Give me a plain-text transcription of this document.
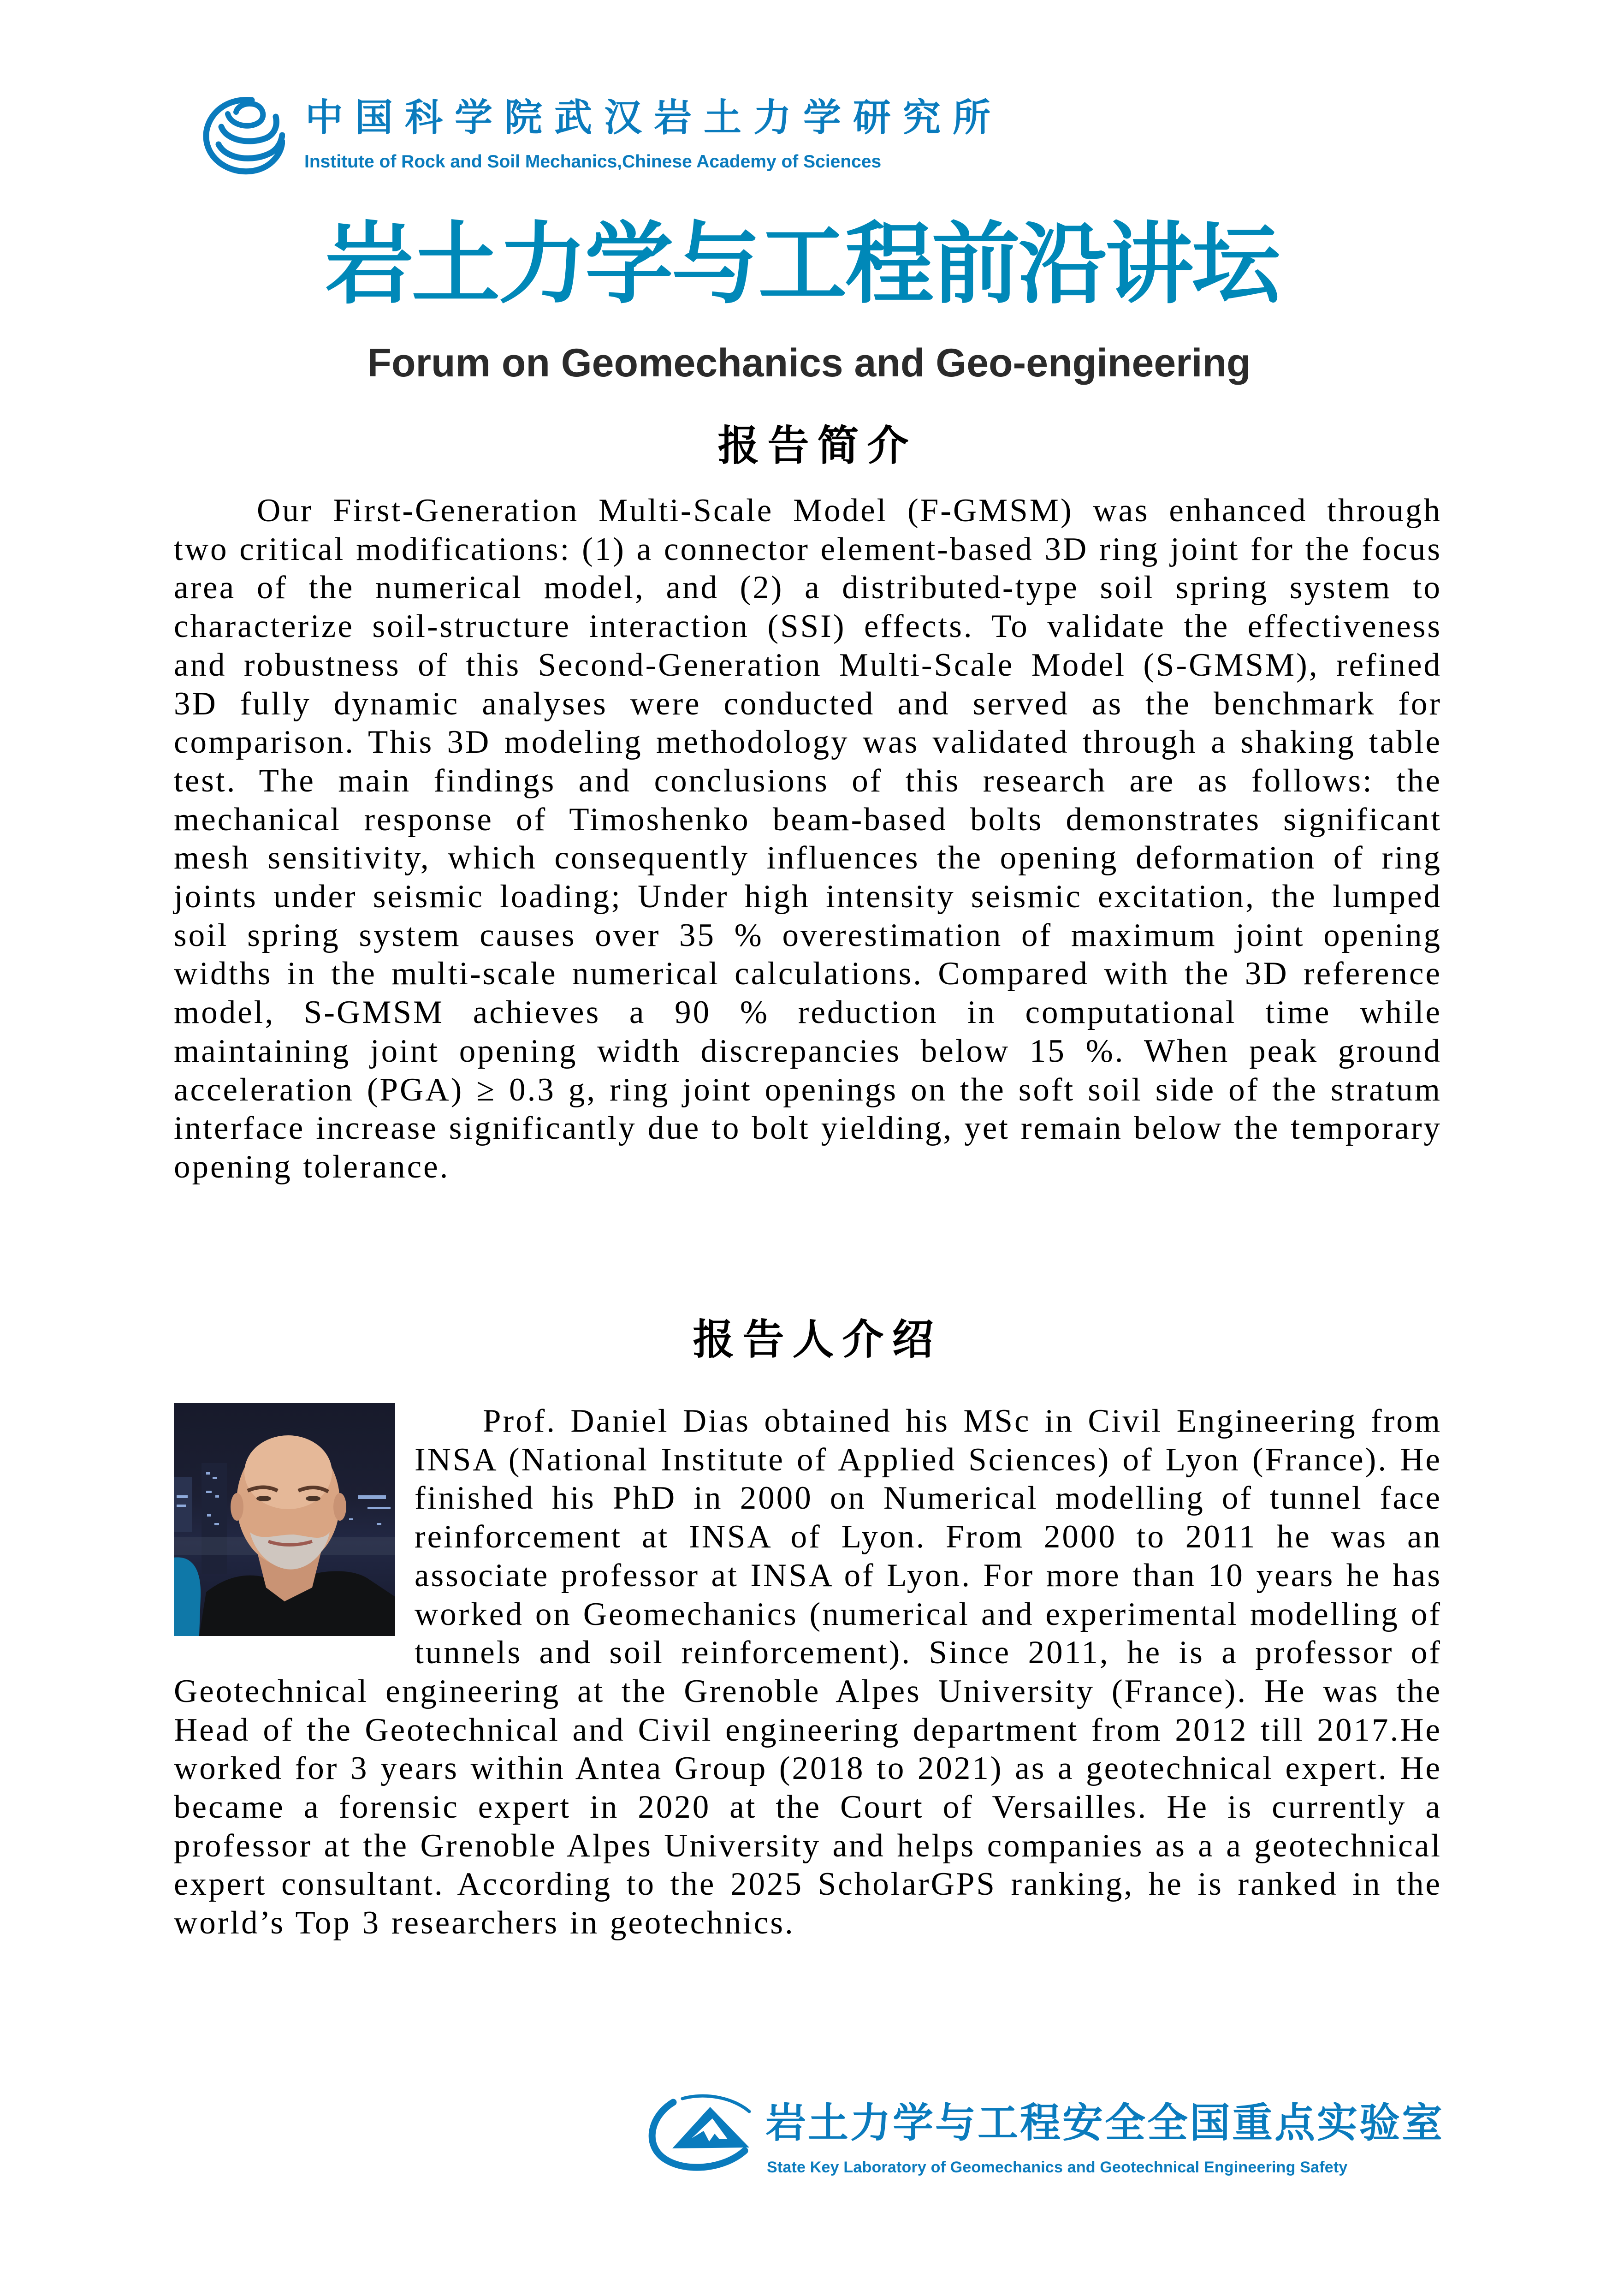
中国科学院武汉岩土力学研究所
Institute of Rock and Soil Mechanics,Chinese Academy of Sciences
岩土力学与工程前沿讲坛
Forum on Geomechanics and Geo-engineering
报告简介
Our First-Generation Multi-Scale Model (F-GMSM) was enhanced through two critical modifications: (1) a connector element-based 3D ring joint for the focus area of the numerical model, and (2) a distributed-type soil spring system to characterize soil-structure interaction (SSI) effects. To validate the effectiveness and robustness of this Second-Generation Multi-Scale Model (S-GMSM), refined 3D fully dynamic analyses were conducted and served as the benchmark for comparison. This 3D modeling methodology was validated through a shaking table test. The main findings and conclusions of this research are as follows: the mechanical response of Timoshenko beam-based bolts demonstrates significant mesh sensitivity, which consequently influences the opening deformation of ring joints under seismic loading; Under high intensity seismic excitation, the lumped soil spring system causes over 35 % overestimation of maximum joint opening widths in the multi-scale numerical calculations. Compared with the 3D reference model, S-GMSM achieves a 90 % reduction in computational time while maintaining joint opening width discrepancies below 15 %. When peak ground acceleration (PGA) ≥ 0.3 g, ring joint openings on the soft soil side of the stratum interface increase significantly due to bolt yielding, yet remain below the temporary opening tolerance.
报告人介绍
Prof. Daniel Dias obtained his MSc in Civil Engineering from INSA (National Institute of Applied Sciences) of Lyon (France). He finished his PhD in 2000 on Numerical modelling of tunnel face reinforcement at INSA of Lyon. From 2000 to 2011 he was an associate professor at INSA of Lyon. For more than 10 years he has worked on Geomechanics (numerical and experimental modelling of tunnels and soil reinforcement). Since 2011, he is a professor of Geotechnical engineering at the Grenoble Alpes University (France). He was the Head of the Geotechnical and Civil engineering department from 2012 till 2017.He worked for 3 years within Antea Group (2018 to 2021) as a geotechnical expert. He became a forensic expert in 2020 at the Court of Versailles. He is currently a professor at the Grenoble Alpes University and helps companies as a a geotechnical expert consultant. According to the 2025 ScholarGPS ranking, he is ranked in the world’s Top 3 researchers in geotechnics.
岩土力学与工程安全全国重点实验室
State Key Laboratory of Geomechanics and Geotechnical Engineering Safety
